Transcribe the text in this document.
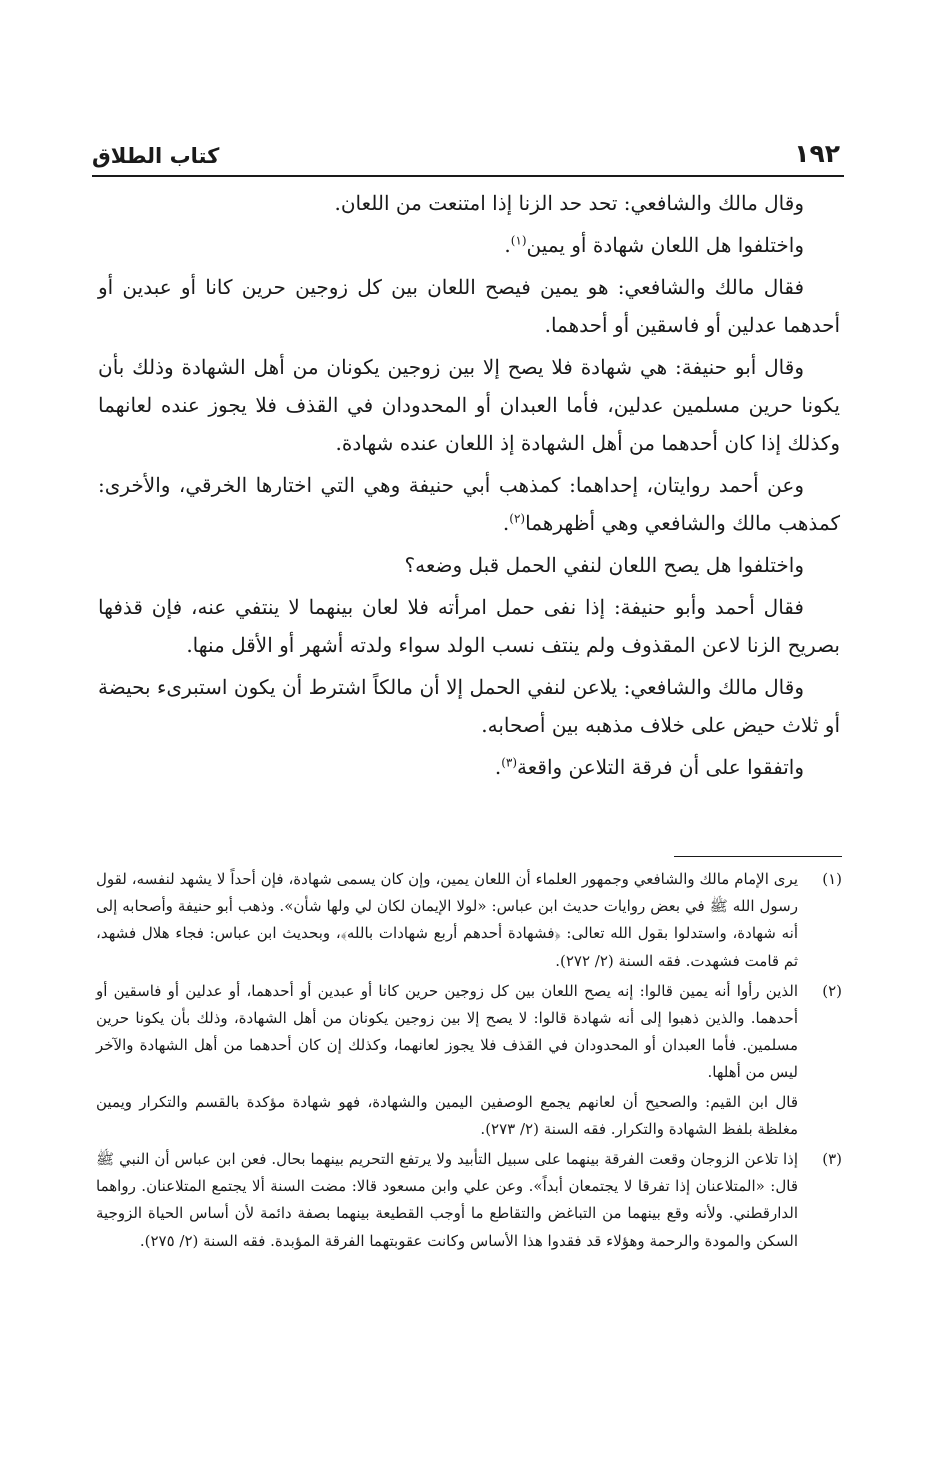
١٩٢
كتاب الطلاق

وقال مالك والشافعي: تحد حد الزنا إذا امتنعت من اللعان.

واختلفوا هل اللعان شهادة أو يمين$^{(١)}$.

فقال مالك والشافعي: هو يمين فيصح اللعان بين كل زوجين حرين كانا أو عبدين أو أحدهما عدلين أو فاسقين أو أحدهما.

وقال أبو حنيفة: هي شهادة فلا يصح إلا بين زوجين يكونان من أهل الشهادة وذلك بأن يكونا حرين مسلمين عدلين، فأما العبدان أو المحدودان في القذف فلا يجوز عنده لعانهما وكذلك إذا كان أحدهما من أهل الشهادة إذ اللعان عنده شهادة.

وعن أحمد روايتان، إحداهما: كمذهب أبي حنيفة وهي التي اختارها الخرقي، والأخرى: كمذهب مالك والشافعي وهي أظهرهما$^{(٢)}$.

واختلفوا هل يصح اللعان لنفي الحمل قبل وضعه؟

فقال أحمد وأبو حنيفة: إذا نفى حمل امرأته فلا لعان بينهما لا ينتفي عنه، فإن قذفها بصريح الزنا لاعن المقذوف ولم ينتف نسب الولد سواء ولدته أشهر أو الأقل منها.

وقال مالك والشافعي: يلاعن لنفي الحمل إلا أن مالكاً اشترط أن يكون استبرىء بحيضة أو ثلاث حيض على خلاف مذهبه بين أصحابه.

واتفقوا على أن فرقة التلاعن واقعة$^{(٣)}$.

(١)

يرى الإمام مالك والشافعي وجمهور العلماء أن اللعان يمين، وإن كان يسمى شهادة، فإن أحداً لا يشهد لنفسه، لقول رسول الله ﷺ في بعض روايات حديث ابن عباس: «لولا الإيمان لكان لي ولها شأن». وذهب أبو حنيفة وأصحابه إلى أنه شهادة، واستدلوا بقول الله تعالى: ﴿فشهادة أحدهم أربع شهادات بالله﴾، وبحديث ابن عباس: فجاء هلال فشهد، ثم قامت فشهدت. فقه السنة (٢/ ٢٧٢).

(٢)

الذين رأوا أنه يمين قالوا: إنه يصح اللعان بين كل زوجين حرين كانا أو عبدين أو أحدهما، أو عدلين أو فاسقين أو أحدهما. والذين ذهبوا إلى أنه شهادة قالوا: لا يصح إلا بين زوجين يكونان من أهل الشهادة، وذلك بأن يكونا حرين مسلمين. فأما العبدان أو المحدودان في القذف فلا يجوز لعانهما، وكذلك إن كان أحدهما من أهل الشهادة والآخر ليس من أهلها.

قال ابن القيم: والصحيح أن لعانهم يجمع الوصفين اليمين والشهادة، فهو شهادة مؤكدة بالقسم والتكرار ويمين مغلظة بلفظ الشهادة والتكرار. فقه السنة (٢/ ٢٧٣).

(٣)

إذا تلاعن الزوجان وقعت الفرقة بينهما على سبيل التأبيد ولا يرتفع التحريم بينهما بحال. فعن ابن عباس أن النبي ﷺ قال: «المتلاعنان إذا تفرقا لا يجتمعان أبداً». وعن علي وابن مسعود قالا: مضت السنة ألا يجتمع المتلاعنان. رواهما الدارقطني. ولأنه وقع بينهما من التباغض والتقاطع ما أوجب القطيعة بينهما بصفة دائمة لأن أساس الحياة الزوجية السكن والمودة والرحمة وهؤلاء قد فقدوا هذا الأساس وكانت عقوبتهما الفرقة المؤبدة. فقه السنة (٢/ ٢٧٥).
